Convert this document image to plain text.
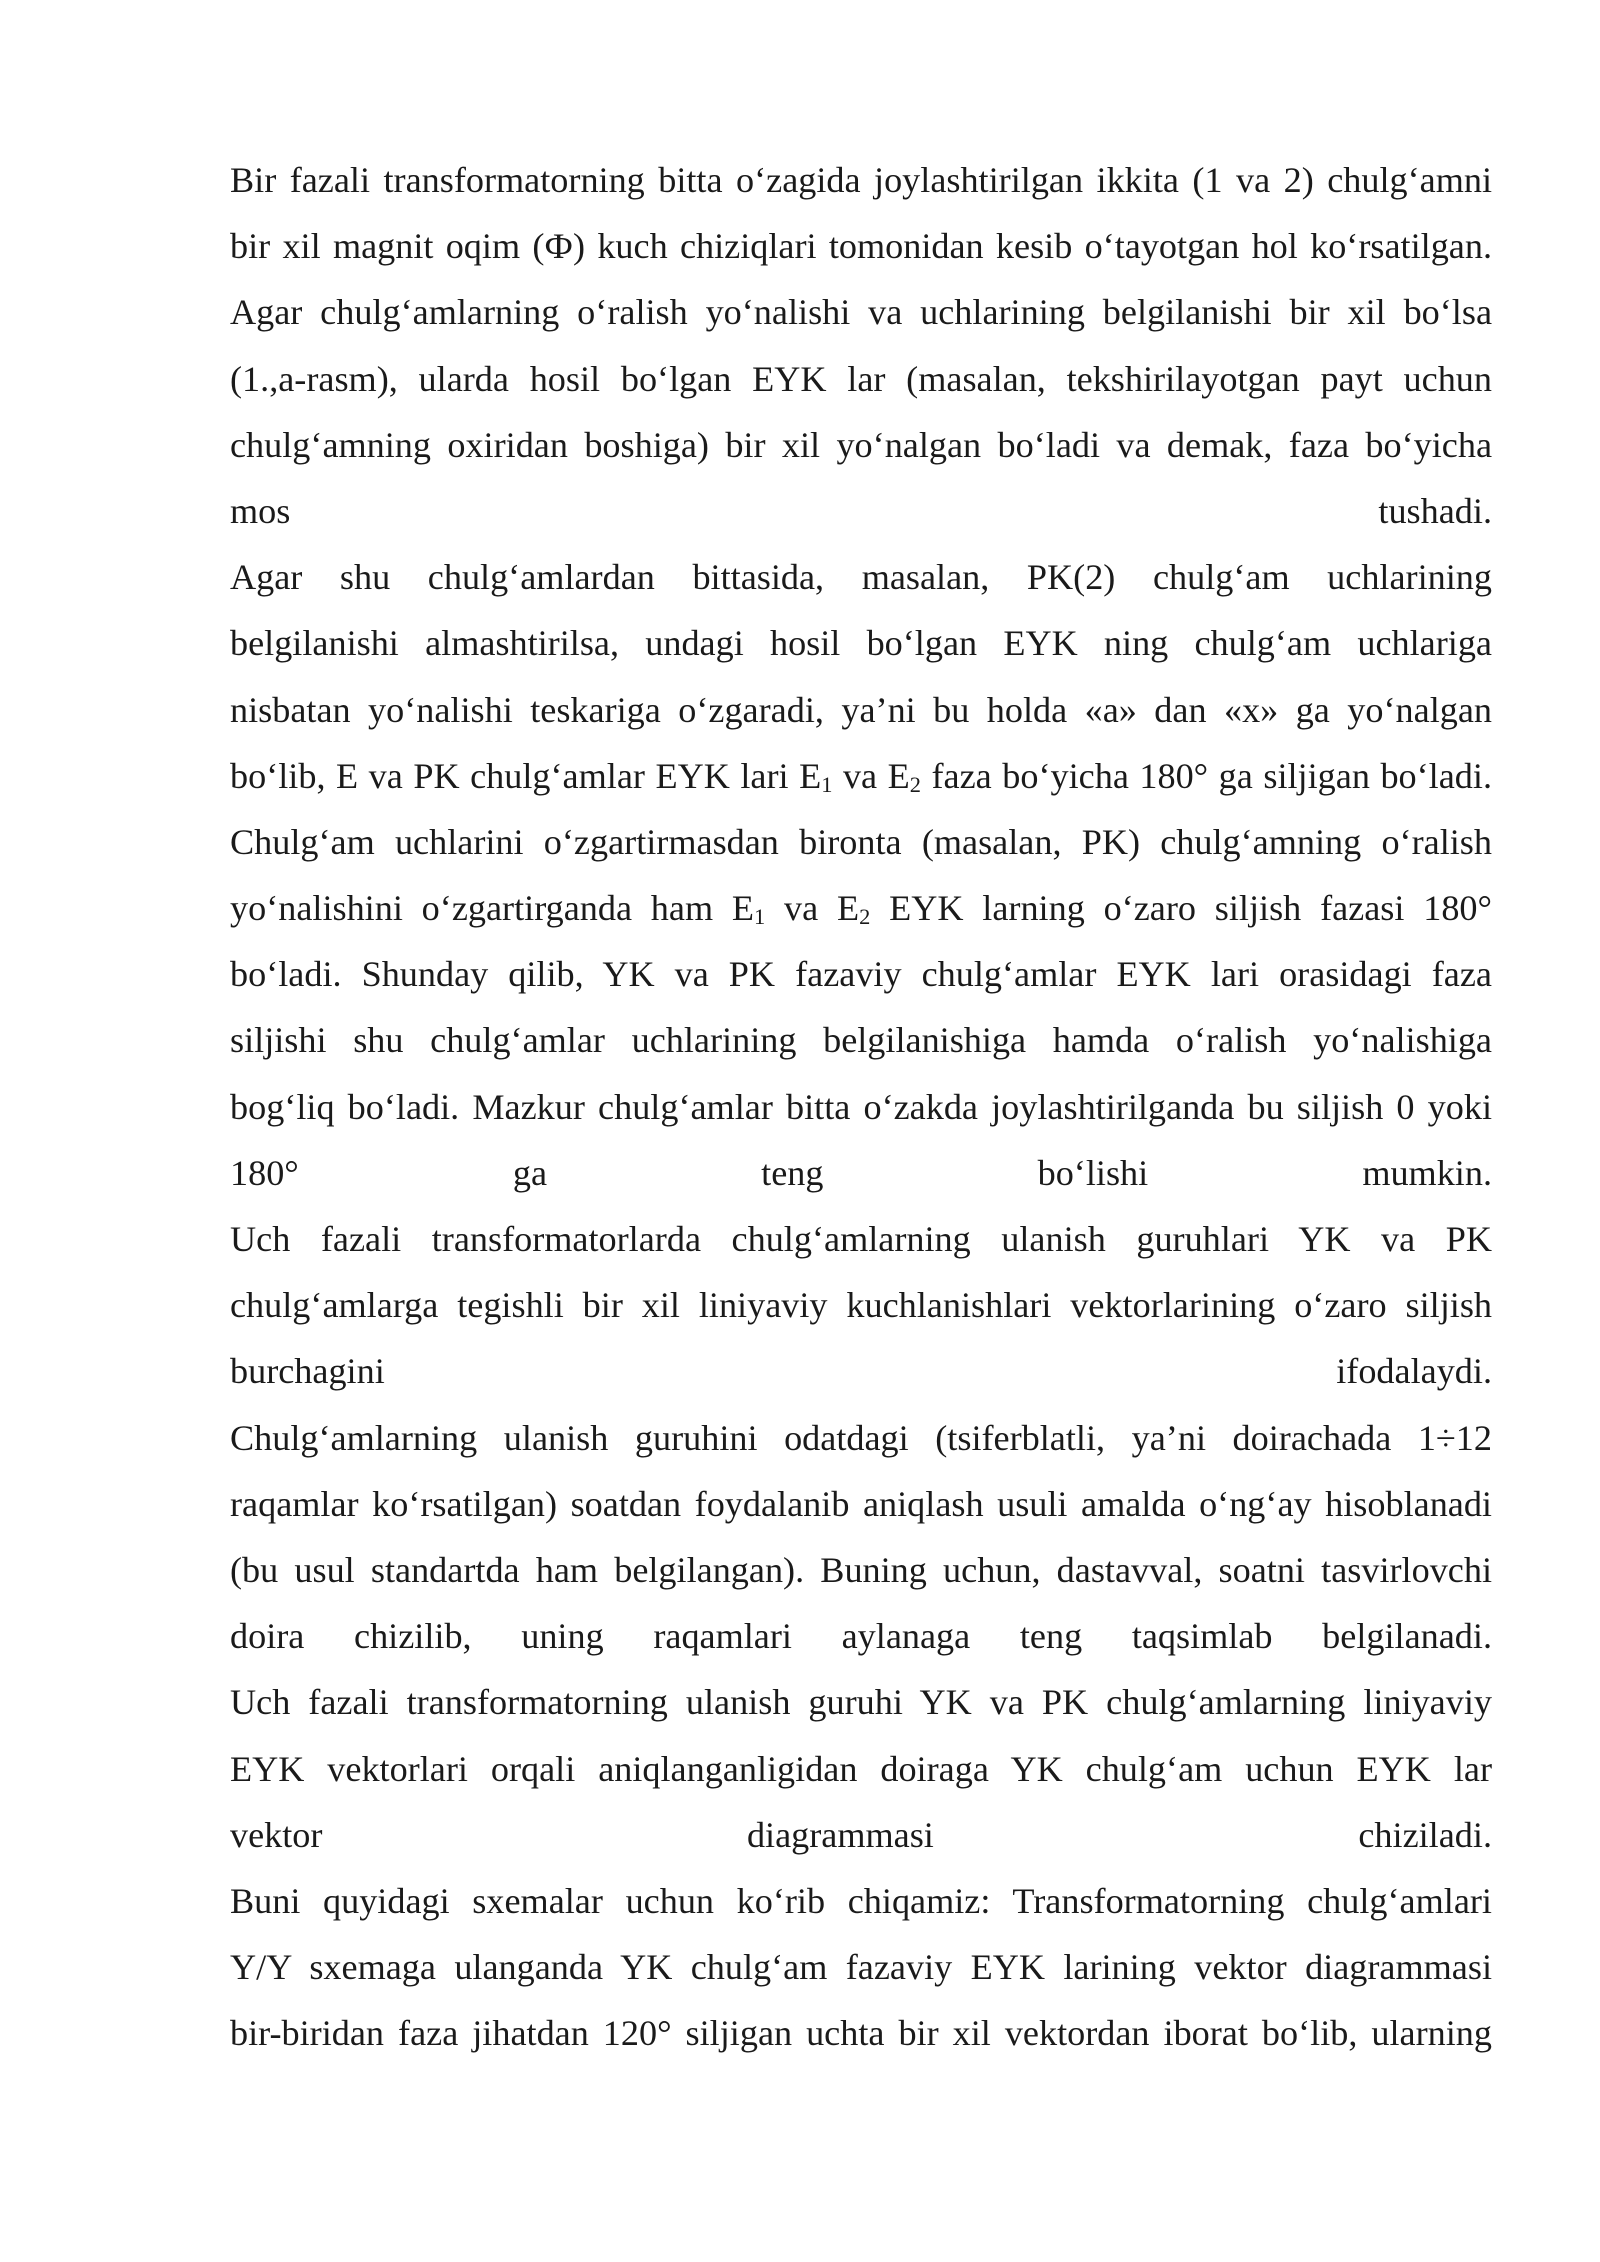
Bir fazali transformatorning bitta o‘zagida joylashtirilgan ikkita (1 va 2) chulg‘amni
bir xil magnit oqim (Ф) kuch chiziqlari tomonidan kesib o‘tayotgan hol ko‘rsatilgan.
Agar chulg‘amlarning o‘ralish yo‘nalishi va uchlarining belgilanishi bir xil bo‘lsa
(1.,a-rasm), ularda hosil bo‘lgan EYK lar (masalan, tekshirilayotgan payt uchun
chulg‘amning oxiridan boshiga) bir xil yo‘nalgan bo‘ladi va demak, faza bo‘yicha
mos	tushadi.
Agar shu chulg‘amlardan bittasida, masalan, PK(2) chulg‘am uchlarining
belgilanishi almashtirilsa, undagi hosil bo‘lgan EYK ning chulg‘am uchlariga
nisbatan yo‘nalishi teskariga o‘zgaradi, ya’ni bu holda «a» dan «x» ga yo‘nalgan
bo‘lib, E va PK chulg‘amlar EYK lari $E_1$ va $E_2$ faza bo‘yicha 180° ga siljigan bo‘ladi.
Chulg‘am uchlarini o‘zgartirmasdan bironta (masalan, PK) chulg‘amning o‘ralish
yo‘nalishini o‘zgartirganda ham $E_1$ va $E_2$ EYK larning o‘zaro siljish fazasi 180°
bo‘ladi. Shunday qilib, YK va PK fazaviy chulg‘amlar EYK lari orasidagi faza
siljishi shu chulg‘amlar uchlarining belgilanishiga hamda o‘ralish yo‘nalishiga
bog‘liq bo‘ladi. Mazkur chulg‘amlar bitta o‘zakda joylashtirilganda bu siljish 0 yoki
180° ga teng bo‘lishi mumkin.
Uch fazali transformatorlarda chulg‘amlarning ulanish guruhlari YK va PK
chulg‘amlarga tegishli bir xil liniyaviy kuchlanishlari vektorlarining o‘zaro siljish
burchagini	ifodalaydi.
Chulg‘amlarning ulanish guruhini odatdagi (tsiferblatli, ya’ni doirachada 1÷12
raqamlar ko‘rsatilgan) soatdan foydalanib aniqlash usuli amalda o‘ng‘ay hisoblanadi
(bu usul standartda ham belgilangan). Buning uchun, dastavval, soatni tasvirlovchi
doira chizilib, uning raqamlari aylanaga teng taqsimlab belgilanadi.
Uch fazali transformatorning ulanish guruhi YK va PK chulg‘amlarning liniyaviy
EYK vektorlari orqali aniqlanganligidan doiraga YK chulg‘am uchun EYK lar
vektor diagrammasi chiziladi.
Buni quyidagi sxemalar uchun ko‘rib chiqamiz: Transformatorning chulg‘amlari
Y/Y sxemaga ulanganda YK chulg‘am fazaviy EYK larining vektor diagrammasi
bir-biridan faza jihatdan 120° siljigan uchta bir xil vektordan iborat bo‘lib, ularning
